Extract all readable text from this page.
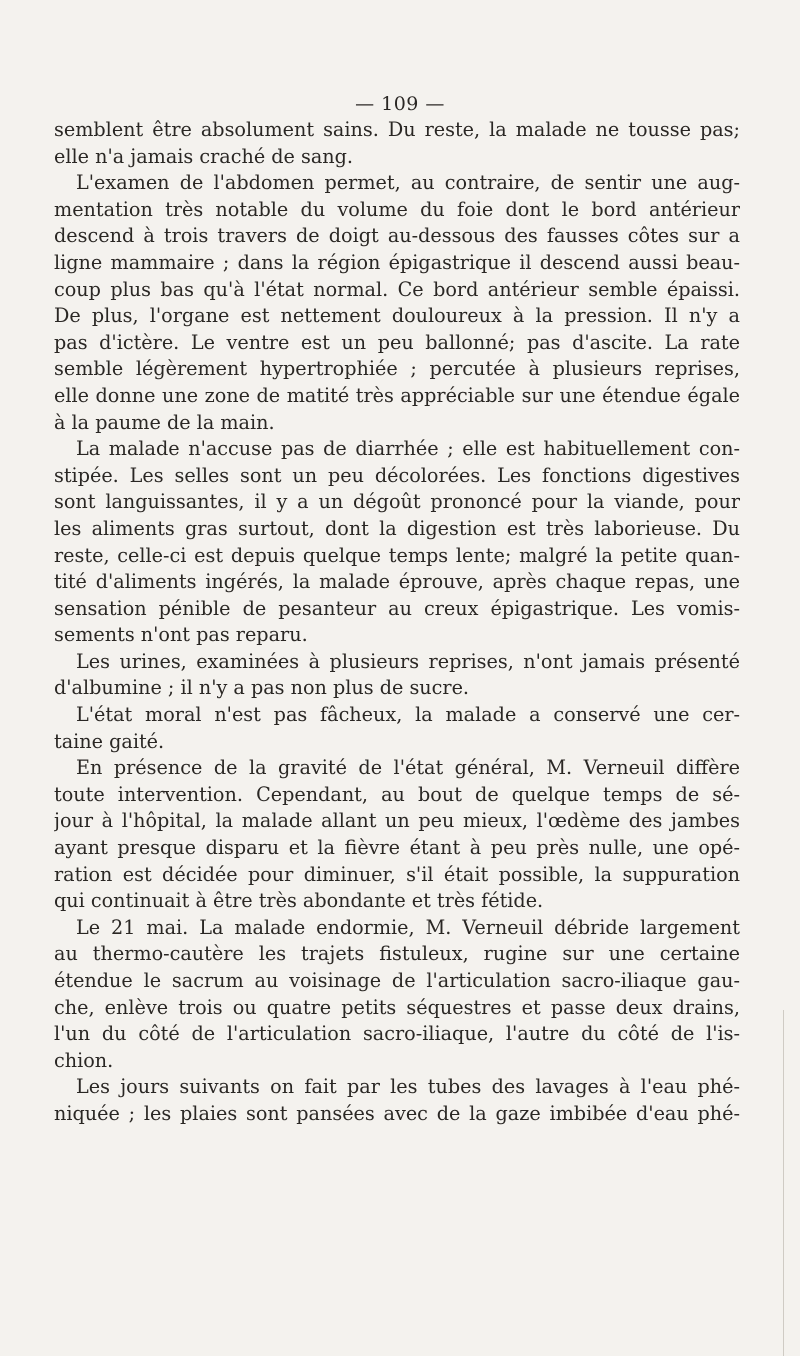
— 109 —
semblent être absolument sains. Du reste, la malade ne tousse pas;
elle n'a jamais craché de sang.
L'examen de l'abdomen permet, au contraire, de sentir une aug-
mentation très notable du volume du foie dont le bord antérieur
descend à trois travers de doigt au-dessous des fausses côtes sur a
ligne mammaire ; dans la région épigastrique il descend aussi beau-
coup plus bas qu'à l'état normal. Ce bord antérieur semble épaissi.
De plus, l'organe est nettement douloureux à la pression. Il n'y a
pas d'ictère. Le ventre est un peu ballonné; pas d'ascite. La rate
semble légèrement hypertrophiée ; percutée à plusieurs reprises,
elle donne une zone de matité très appréciable sur une étendue égale
à la paume de la main.
La malade n'accuse pas de diarrhée ; elle est habituellement con-
stipée. Les selles sont un peu décolorées. Les fonctions digestives
sont languissantes, il y a un dégoût prononcé pour la viande, pour
les aliments gras surtout, dont la digestion est très laborieuse. Du
reste, celle-ci est depuis quelque temps lente; malgré la petite quan-
tité d'aliments ingérés, la malade éprouve, après chaque repas, une
sensation pénible de pesanteur au creux épigastrique. Les vomis-
sements n'ont pas reparu.
Les urines, examinées à plusieurs reprises, n'ont jamais présenté
d'albumine ; il n'y a pas non plus de sucre.
L'état moral n'est pas fâcheux, la malade a conservé une cer-
taine gaité.
En présence de la gravité de l'état général, M. Verneuil diffère
toute intervention. Cependant, au bout de quelque temps de sé-
jour à l'hôpital, la malade allant un peu mieux, l'œdème des jambes
ayant presque disparu et la fièvre étant à peu près nulle, une opé-
ration est décidée pour diminuer, s'il était possible, la suppuration
qui continuait à être très abondante et très fétide.
Le 21 mai. La malade endormie, M. Verneuil débride largement
au thermo-cautère les trajets fistuleux, rugine sur une certaine
étendue le sacrum au voisinage de l'articulation sacro-iliaque gau-
che, enlève trois ou quatre petits séquestres et passe deux drains,
l'un du côté de l'articulation sacro-iliaque, l'autre du côté de l'is-
chion.
Les jours suivants on fait par les tubes des lavages à l'eau phé-
niquée ; les plaies sont pansées avec de la gaze imbibée d'eau phé-
